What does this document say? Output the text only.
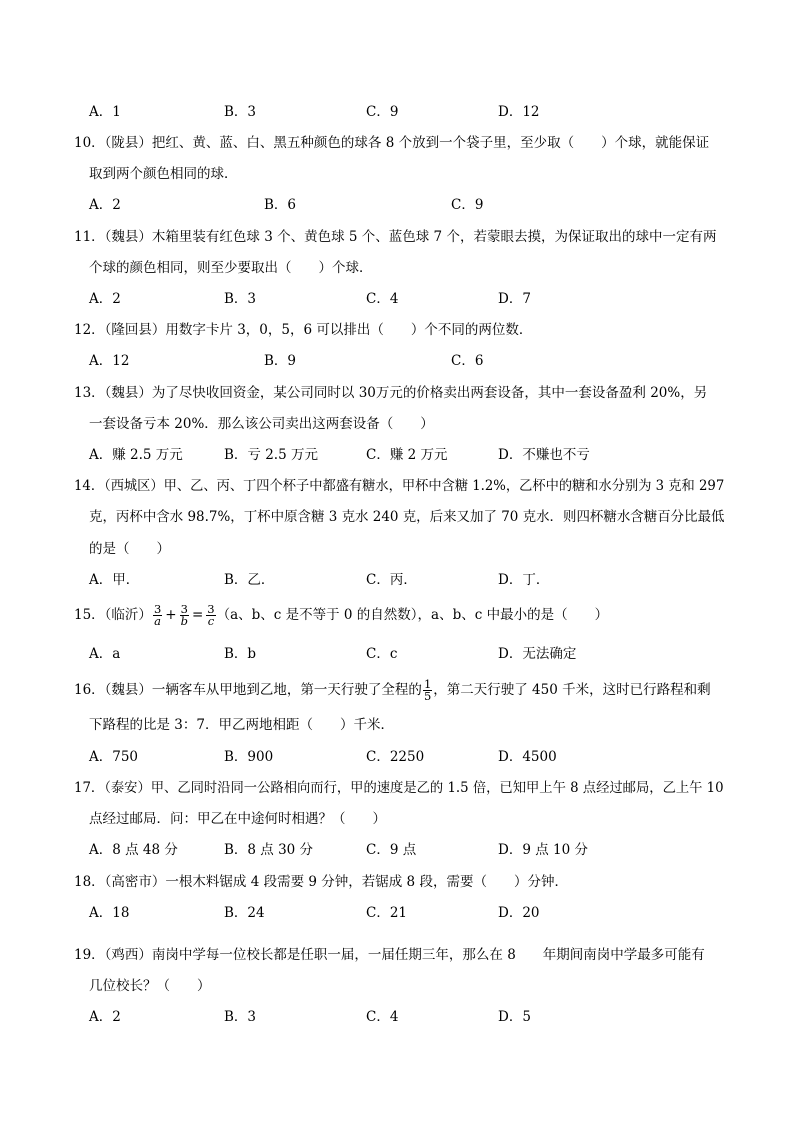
A．1	B．3	C．9	D．12
10．（陇县）把红、黄、蓝、白、黑五种颜色的球各 8 个放到一个袋子里，至少取（　　）个球，就能保证
取到两个颜色相同的球．
A．2	B．6	C．9
11．（魏县）木箱里装有红色球 3 个、黄色球 5 个、蓝色球 7 个，若蒙眼去摸，为保证取出的球中一定有两
个球的颜色相同，则至少要取出（　　）个球．
A．2	B．3	C．4	D．7
12．（隆回县）用数字卡片 3，0，5，6 可以排出（　　）个不同的两位数．
A．12	B．9	C．6
13．（魏县）为了尽快收回资金，某公司同时以 30万元的价格卖出两套设备，其中一套设备盈利 20%，另
一套设备亏本 20%．那么该公司卖出这两套设备（　　）
A．赚 2.5 万元	B．亏 2.5 万元	C．赚 2 万元	D．不赚也不亏
14．（西城区）甲、乙、丙、丁四个杯子中都盛有糖水，甲杯中含糖 1.2%，乙杯中的糖和水分别为 3 克和 297
克，丙杯中含水 98.7%，丁杯中原含糖 3 克水 240 克，后来又加了 70 克水．则四杯糖水含糖百分比最低
的是（　　）
A．甲．	B．乙．	C．丙．	D．丁．
15．（临沂） $\frac{3}{a} + \frac{3}{b} = \frac{3}{c} (a$、b、c 是不等于 0 的自然数），a、b、c 中最小的是（　　）
A．a	B．b	C．c	D．无法确定
16．（魏县）一辆客车从甲地到乙地，第一天行驶了全程的 $\frac{1}{5}$ ，第二天行驶了 450 千米，这时已行路程和剩
下路程的比是 3：7．甲乙两地相距（　　）千米．
A．750	B．900	C．2250	D．4500
17．（泰安）甲、乙同时沿同一公路相向而行，甲的速度是乙的 1.5 倍，已知甲上午 8 点经过邮局，乙上午 10
点经过邮局．问：甲乙在中途何时相遇？（　　）
A．8 点 48 分	B．8 点 30 分	C．9 点	D．9 点 10 分
18．（高密市）一根木料锯成 4 段需要 9 分钟，若锯成 8 段，需要（　　）分钟．
A．18	B．24	C．21	D．20
19．（鸡西）南岗中学每一位校长都是任职一届，一届任期三年，那么在 8　　年期间南岗中学最多可能有
几位校长？（　　）
A．2	B．3	C．4	D．5
